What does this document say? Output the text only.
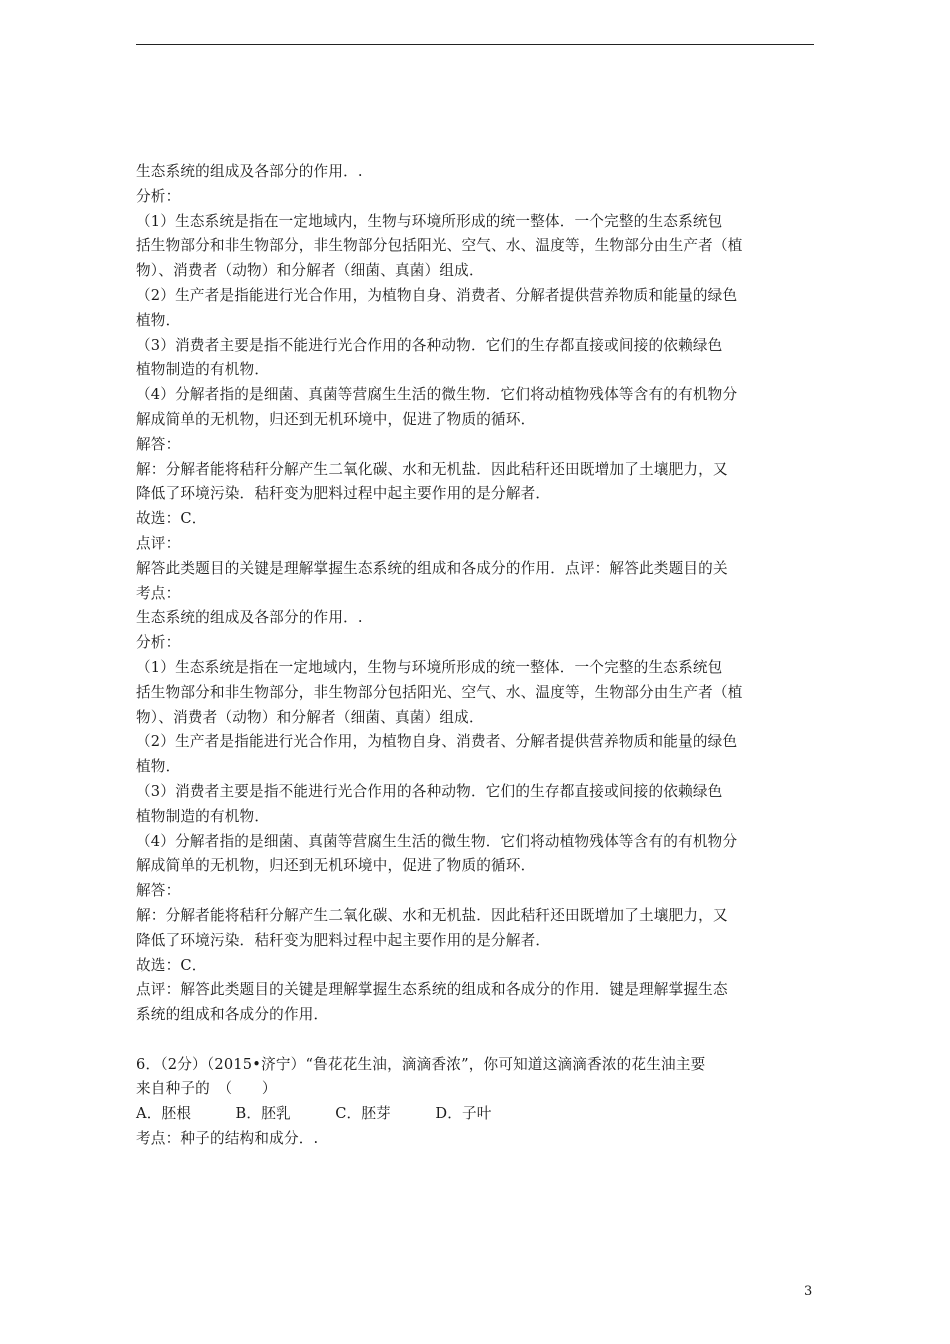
生态系统的组成及各部分的作用．.
分析：
（1）生态系统是指在一定地域内，生物与环境所形成的统一整体．一个完整的生态系统包
括生物部分和非生物部分，非生物部分包括阳光、空气、水、温度等，生物部分由生产者（植
物）、消费者（动物）和分解者（细菌、真菌）组成．
（2）生产者是指能进行光合作用，为植物自身、消费者、分解者提供营养物质和能量的绿色
植物．
（3）消费者主要是指不能进行光合作用的各种动物．它们的生存都直接或间接的依赖绿色
植物制造的有机物．
（4）分解者指的是细菌、真菌等营腐生生活的微生物．它们将动植物残体等含有的有机物分
解成简单的无机物，归还到无机环境中，促进了物质的循环．
解答：
解：分解者能将秸秆分解产生二氧化碳、水和无机盐．因此秸秆还田既增加了土壤肥力，又
降低了环境污染．秸秆变为肥料过程中起主要作用的是分解者．
故选：C．
点评：
解答此类题目的关键是理解掌握生态系统的组成和各成分的作用．点评：解答此类题目的关
考点：
生态系统的组成及各部分的作用．.
分析：
（1）生态系统是指在一定地域内，生物与环境所形成的统一整体．一个完整的生态系统包
括生物部分和非生物部分，非生物部分包括阳光、空气、水、温度等，生物部分由生产者（植
物）、消费者（动物）和分解者（细菌、真菌）组成．
（2）生产者是指能进行光合作用，为植物自身、消费者、分解者提供营养物质和能量的绿色
植物．
（3）消费者主要是指不能进行光合作用的各种动物．它们的生存都直接或间接的依赖绿色
植物制造的有机物．
（4）分解者指的是细菌、真菌等营腐生生活的微生物．它们将动植物残体等含有的有机物分
解成简单的无机物，归还到无机环境中，促进了物质的循环．
解答：
解：分解者能将秸秆分解产生二氧化碳、水和无机盐．因此秸秆还田既增加了土壤肥力，又
降低了环境污染．秸秆变为肥料过程中起主要作用的是分解者．
故选：C．
点评：解答此类题目的关键是理解掌握生态系统的组成和各成分的作用．键是理解掌握生态
系统的组成和各成分的作用．
6．（2分）（2015•济宁）“鲁花花生油，滴滴香浓”，你可知道这滴滴香浓的花生油主要
来自种子的　（　　）
A．胚根　　　B．胚乳　　　C．胚芽　　　D．子叶
考点：种子的结构和成分．.
3
